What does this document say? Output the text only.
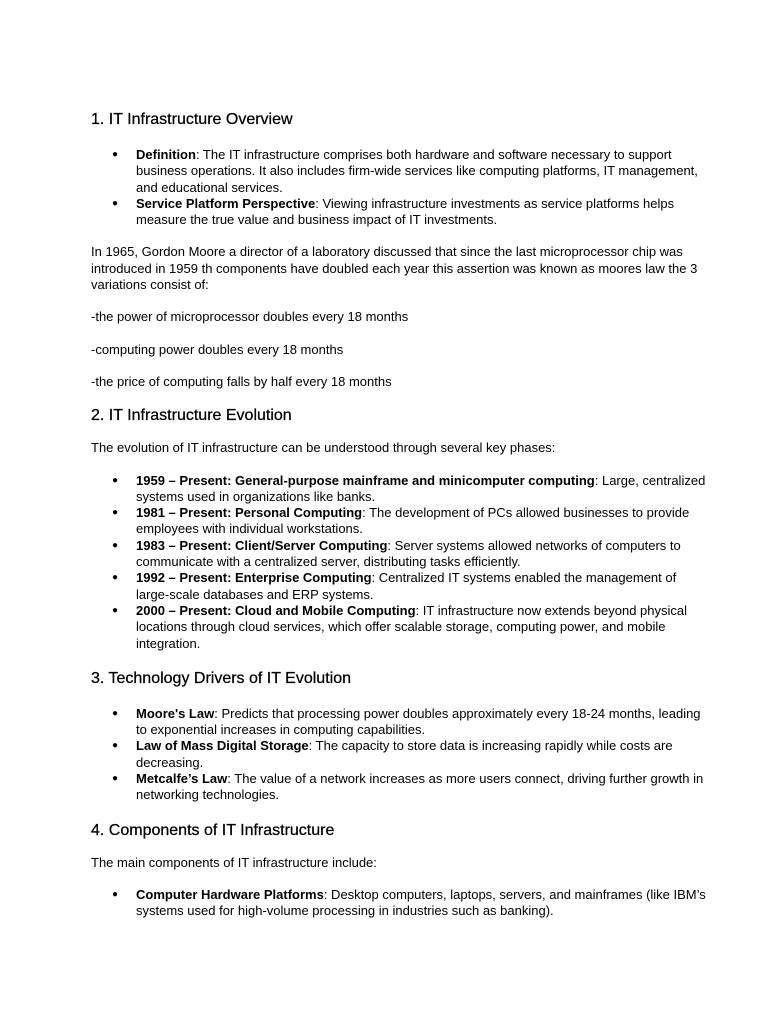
1. IT Infrastructure Overview
● Definition: The IT infrastructure comprises both hardware and software necessary to support business operations. It also includes firm-wide services like computing platforms, IT management, and educational services.
● Service Platform Perspective: Viewing infrastructure investments as service platforms helps measure the true value and business impact of IT investments.

In 1965, Gordon Moore a director of a laboratory discussed that since the last microprocessor chip was introduced in 1959 th components have doubled each year this assertion was known as moores law the 3 variations consist of:

-the power of microprocessor doubles every 18 months

-computing power doubles every 18 months

-the price of computing falls by half every 18 months

2. IT Infrastructure Evolution

The evolution of IT infrastructure can be understood through several key phases:

● 1959 – Present: General-purpose mainframe and minicomputer computing: Large, centralized systems used in organizations like banks.
● 1981 – Present: Personal Computing: The development of PCs allowed businesses to provide employees with individual workstations.
● 1983 – Present: Client/Server Computing: Server systems allowed networks of computers to communicate with a centralized server, distributing tasks efficiently.
● 1992 – Present: Enterprise Computing: Centralized IT systems enabled the management of large-scale databases and ERP systems.
● 2000 – Present: Cloud and Mobile Computing: IT infrastructure now extends beyond physical locations through cloud services, which offer scalable storage, computing power, and mobile integration.
3. Technology Drivers of IT Evolution
● Moore's Law: Predicts that processing power doubles approximately every 18-24 months, leading to exponential increases in computing capabilities.
● Law of Mass Digital Storage: The capacity to store data is increasing rapidly while costs are decreasing.
● Metcalfe’s Law: The value of a network increases as more users connect, driving further growth in networking technologies.
4. Components of IT Infrastructure

The main components of IT infrastructure include:

● Computer Hardware Platforms: Desktop computers, laptops, servers, and mainframes (like IBM’s systems used for high-volume processing in industries such as banking).
